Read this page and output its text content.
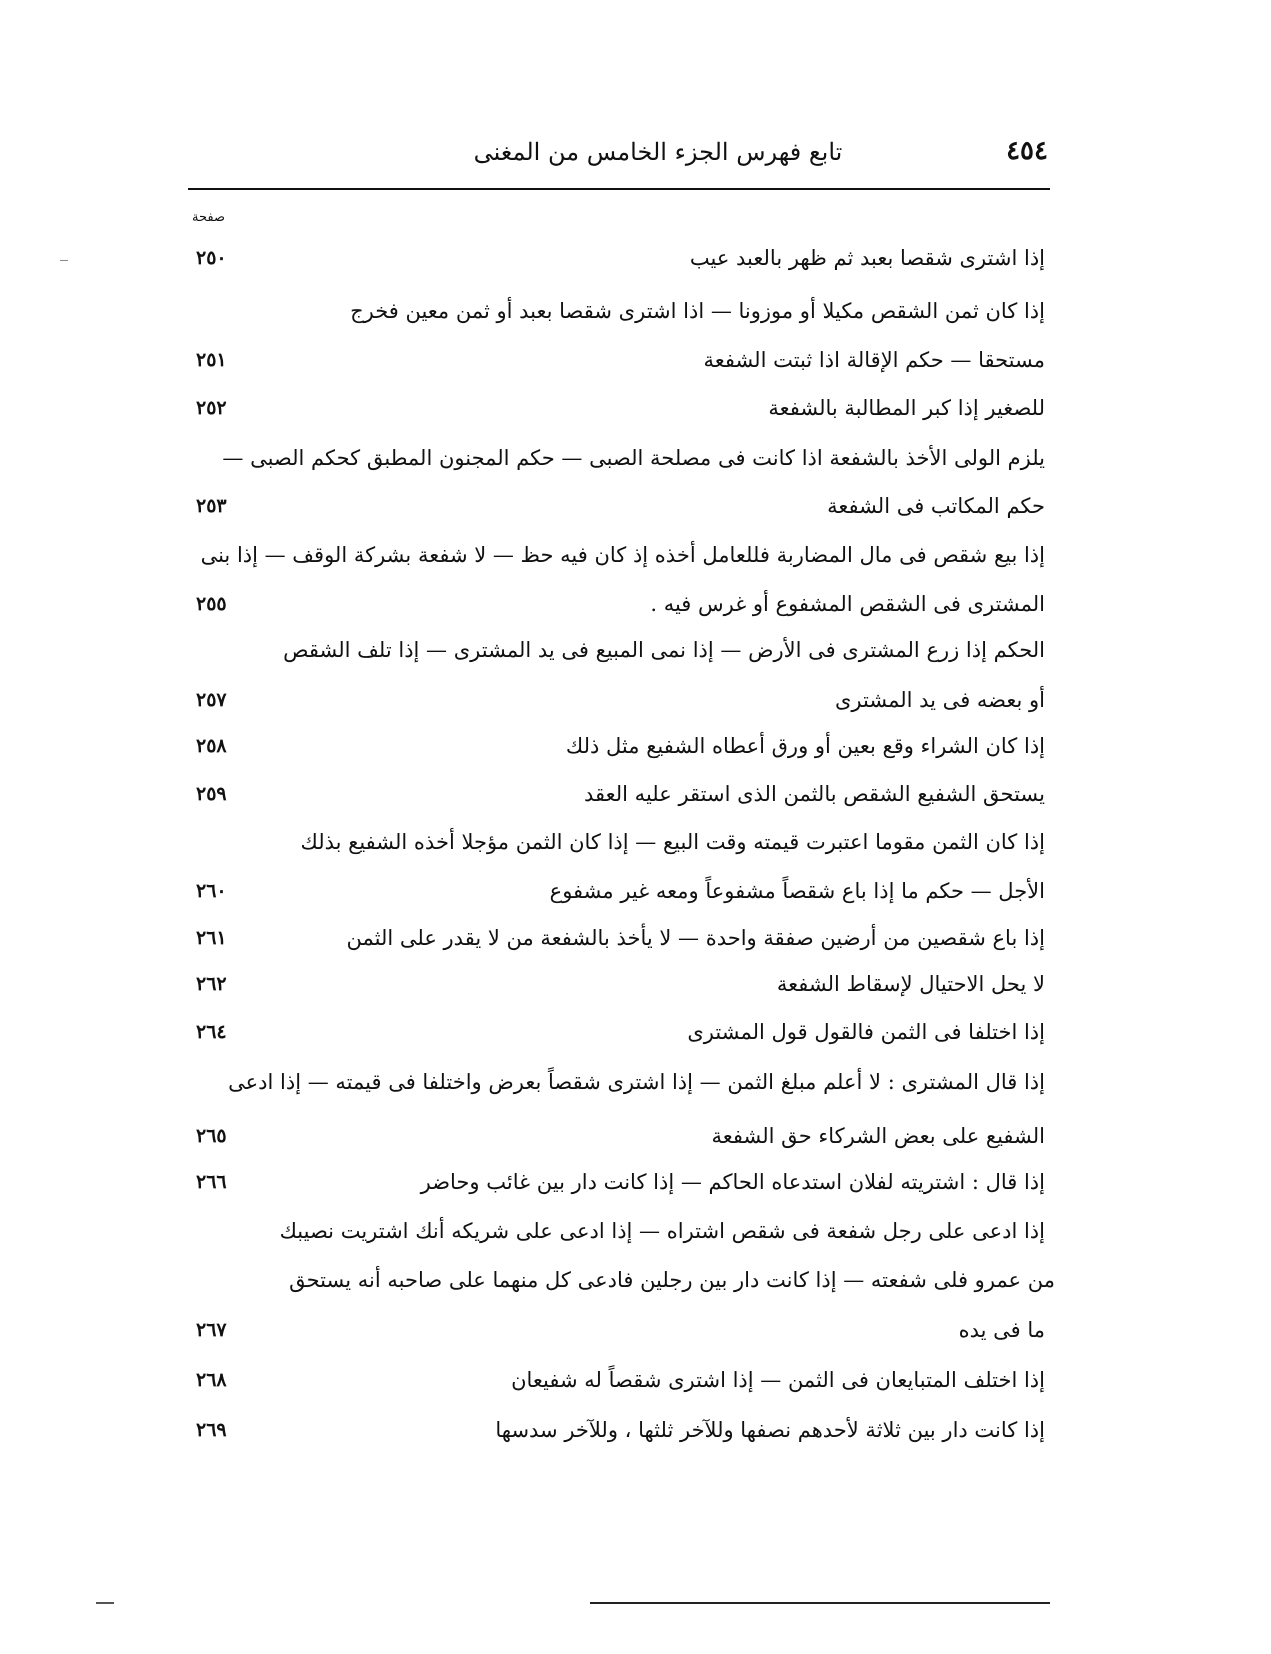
٤٥٤
تابع فهرس الجزء الخامس من المغنى
صفحة
إذا اشترى شقصا بعبد ثم ظهر بالعبد عيب
٢٥٠
إذا كان ثمن الشقص مكيلا أو موزونا — اذا اشترى شقصا بعبد أو ثمن معين فخرج
مستحقا — حكم الإقالة اذا ثبتت الشفعة
٢٥١
للصغير إذا كبر المطالبة بالشفعة
٢٥٢
يلزم الولى الأخذ بالشفعة اذا كانت فى مصلحة الصبى — حكم المجنون المطبق كحكم الصبى —
حكم المكاتب فى الشفعة
٢٥٣
إذا بيع شقص فى مال المضاربة فللعامل أخذه إذ كان فيه حظ — لا شفعة بشركة الوقف — إذا بنى
المشترى فى الشقص المشفوع أو غرس فيه .
٢٥٥
الحكم إذا زرع المشترى فى الأرض — إذا نمى المبيع فى يد المشترى — إذا تلف الشقص
أو بعضه فى يد المشترى
٢٥٧
إذا كان الشراء وقع بعين أو ورق أعطاه الشفيع مثل ذلك
٢٥٨
يستحق الشفيع الشقص بالثمن الذى استقر عليه العقد
٢٥٩
إذا كان الثمن مقوما اعتبرت قيمته وقت البيع — إذا كان الثمن مؤجلا أخذه الشفيع بذلك
الأجل — حكم ما إذا باع شقصاً مشفوعاً ومعه غير مشفوع
٢٦٠
إذا باع شقصين من أرضين صفقة واحدة — لا يأخذ بالشفعة من لا يقدر على الثمن
٢٦١
لا يحل الاحتيال لإسقاط الشفعة
٢٦٢
إذا اختلفا فى الثمن فالقول قول المشترى
٢٦٤
إذا قال المشترى : لا أعلم مبلغ الثمن — إذا اشترى شقصاً بعرض واختلفا فى قيمته — إذا ادعى
الشفيع على بعض الشركاء حق الشفعة
٢٦٥
إذا قال : اشتريته لفلان استدعاه الحاكم — إذا كانت دار بين غائب وحاضر
٢٦٦
إذا ادعى على رجل شفعة فى شقص اشتراه — إذا ادعى على شريكه أنك اشتريت نصيبك
من عمرو فلى شفعته — إذا كانت دار بين رجلين فادعى كل منهما على صاحبه أنه يستحق
ما فى يده
٢٦٧
إذا اختلف المتبايعان فى الثمن — إذا اشترى شقصاً له شفيعان
٢٦٨
إذا كانت دار بين ثلاثة لأحدهم نصفها وللآخر ثلثها ، وللآخر سدسها
٢٦٩
